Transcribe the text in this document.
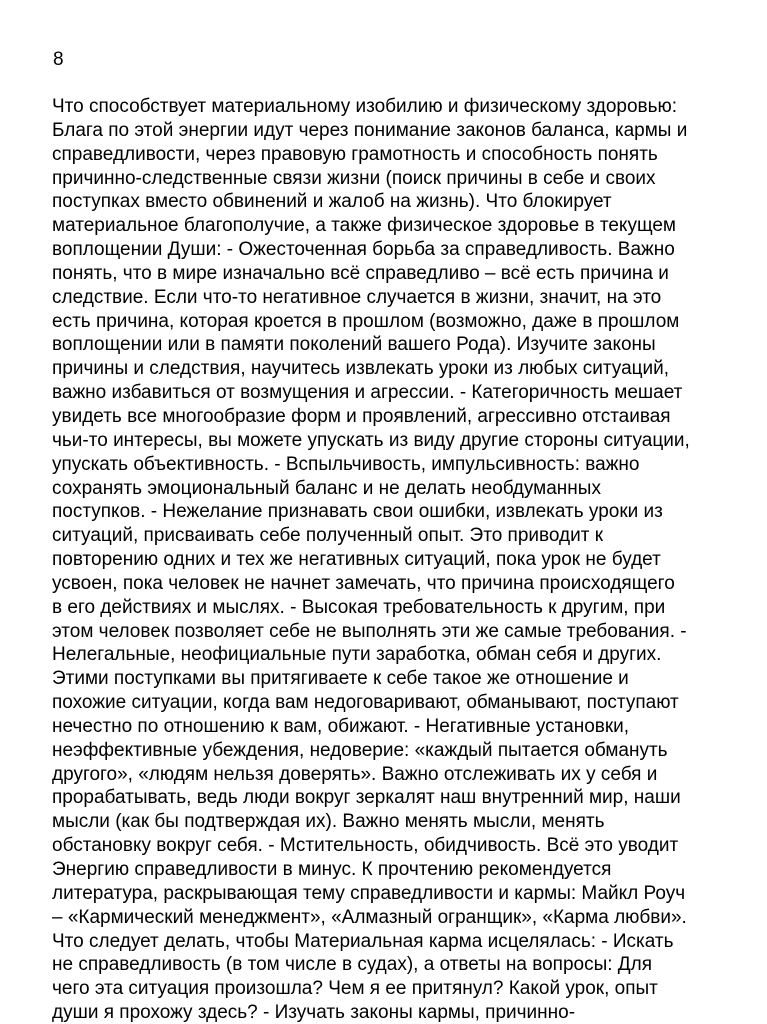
8
Что способствует материальному изобилию и физическому здоровью:
Блага по этой энергии идут через понимание законов баланса, кармы и
справедливости, через правовую грамотность и способность понять
причинно-следственные связи жизни (поиск причины в себе и своих
поступках вместо обвинений и жалоб на жизнь). Что блокирует
материальное благополучие, а также физическое здоровье в текущем
воплощении Души: - Ожесточенная борьба за справедливость. Важно
понять, что в мире изначально всё справедливо – всё есть причина и
следствие. Если что-то негативное случается в жизни, значит, на это
есть причина, которая кроется в прошлом (возможно, даже в прошлом
воплощении или в памяти поколений вашего Рода). Изучите законы
причины и следствия, научитесь извлекать уроки из любых ситуаций,
важно избавиться от возмущения и агрессии. - Категоричность мешает
увидеть все многообразие форм и проявлений, агрессивно отстаивая
чьи-то интересы, вы можете упускать из виду другие стороны ситуации,
упускать объективность. - Вспыльчивость, импульсивность: важно
сохранять эмоциональный баланс и не делать необдуманных
поступков. - Нежелание признавать свои ошибки, извлекать уроки из
ситуаций, присваивать себе полученный опыт. Это приводит к
повторению одних и тех же негативных ситуаций, пока урок не будет
усвоен, пока человек не начнет замечать, что причина происходящего
в его действиях и мыслях. - Высокая требовательность к другим, при
этом человек позволяет себе не выполнять эти же самые требования. -
Нелегальные, неофициальные пути заработка, обман себя и других.
Этими поступками вы притягиваете к себе такое же отношение и
похожие ситуации, когда вам недоговаривают, обманывают, поступают
нечестно по отношению к вам, обижают. - Негативные установки,
неэффективные убеждения, недоверие: «каждый пытается обмануть
другого», «людям нельзя доверять». Важно отслеживать их у себя и
прорабатывать, ведь люди вокруг зеркалят наш внутренний мир, наши
мысли (как бы подтверждая их). Важно менять мысли, менять
обстановку вокруг себя. - Мстительность, обидчивость. Всё это уводит
Энергию справедливости в минус. К прочтению рекомендуется
литература, раскрывающая тему справедливости и кармы: Майкл Роуч
– «Кармический менеджмент», «Алмазный огранщик», «Карма любви».
Что следует делать, чтобы Материальная карма исцелялась: - Искать
не справедливость (в том числе в судах), а ответы на вопросы: Для
чего эта ситуация произошла? Чем я ее притянул? Какой урок, опыт
души я прохожу здесь? - Изучать законы кармы, причинно-
